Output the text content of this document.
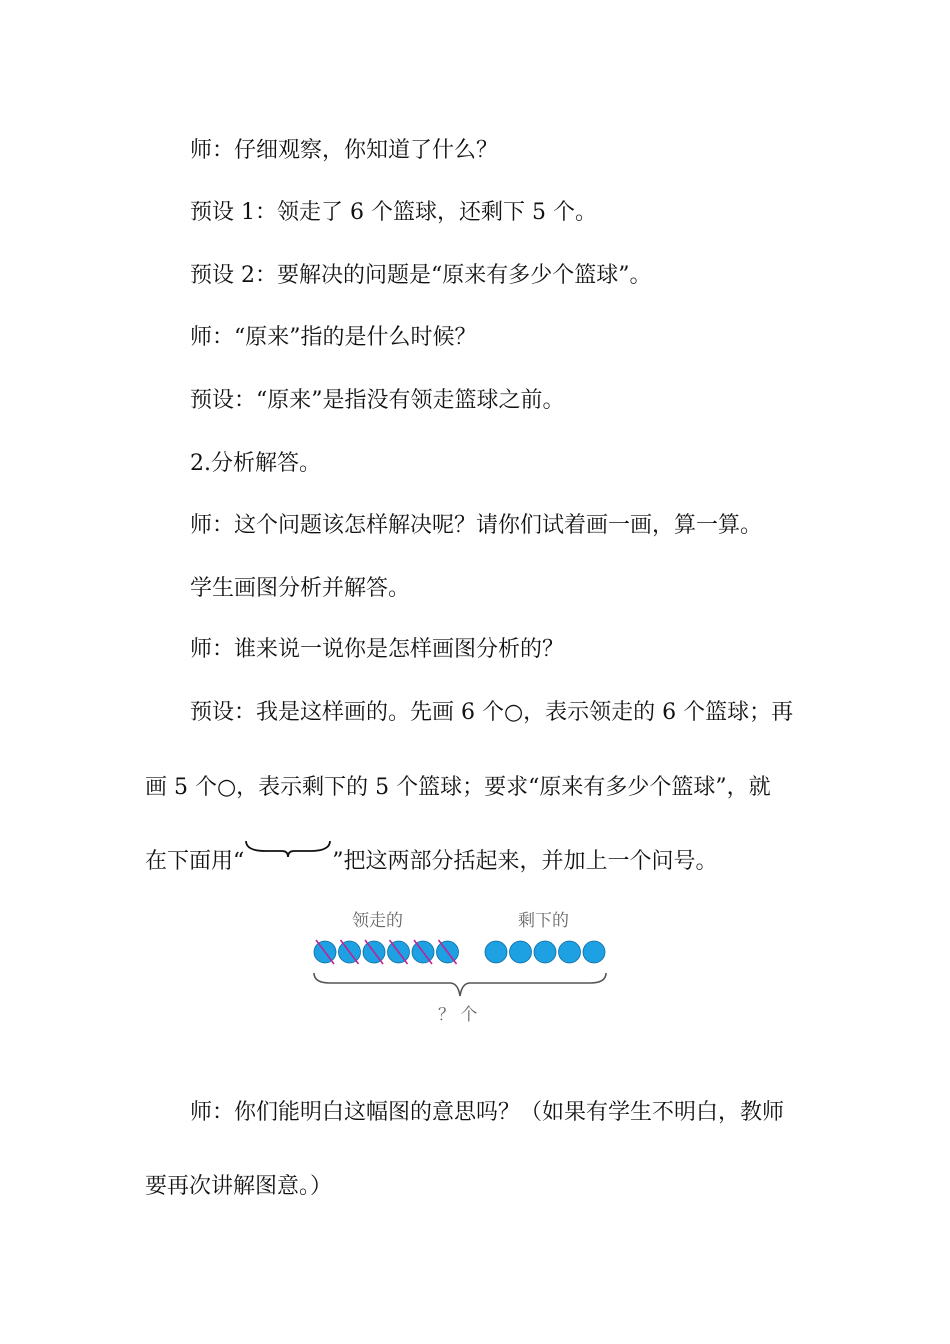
师：仔细观察，你知道了什么？
预设 1：领走了 6 个篮球，还剩下 5 个。
预设 2：要解决的问题是“原来有多少个篮球”。
师：“原来”指的是什么时候？
预设：“原来”是指没有领走篮球之前。
2.分析解答。
师：这个问题该怎样解决呢？请你们试着画一画，算一算。
学生画图分析并解答。
师：谁来说一说你是怎样画图分析的？
预设：我是这样画的。先画 6 个○，表示领走的 6 个篮球；再
画 5 个○，表示剩下的 5 个篮球；要求“原来有多少个篮球”，就
在下面用“	”把这两部分括起来，并加上一个问号。
领走的	剩下的
？ 个
师：你们能明白这幅图的意思吗？（如果有学生不明白，教师
要再次讲解图意。）
